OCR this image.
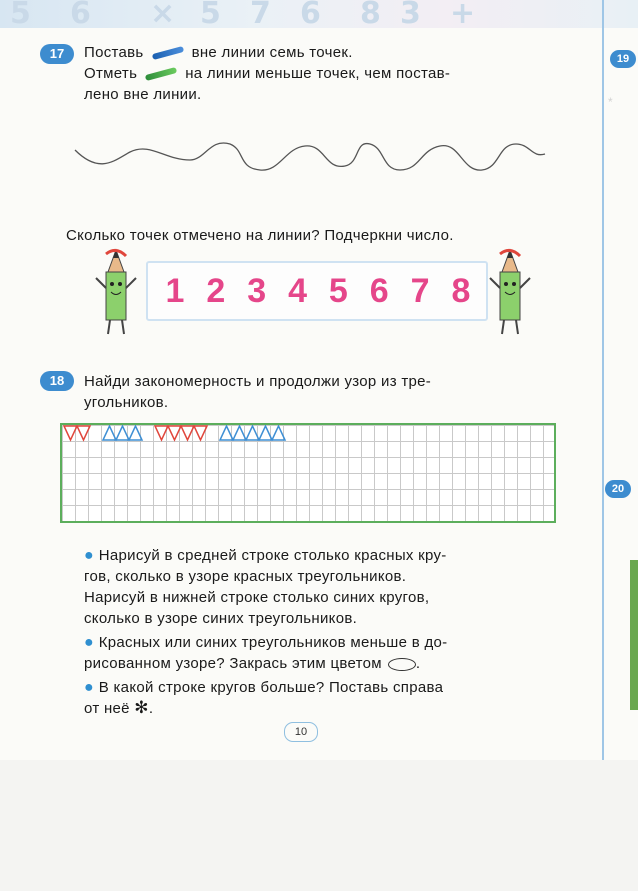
5 6 × 5 7 6 8 3 +
19
20
*
17	Поставь	вне линии семь точек.
Отметь	на линии меньше точек, чем постав-
лено вне линии.
Сколько точек отмечено на линии? Подчеркни число.
1 2 3 4 5 6 7 8
18	Найди закономерность и продолжи узор из тре-
угольников.
● Нарисуй в средней строке столько красных кру-
гов, сколько в узоре красных треугольников.
Нарисуй в нижней строке столько синих кругов,
сколько в узоре синих треугольников.
● Красных или синих треугольников меньше в до-
рисованном узоре? Закрась этим цветом .
● В какой строке кругов больше? Поставь справа
от неё ✻.
10
